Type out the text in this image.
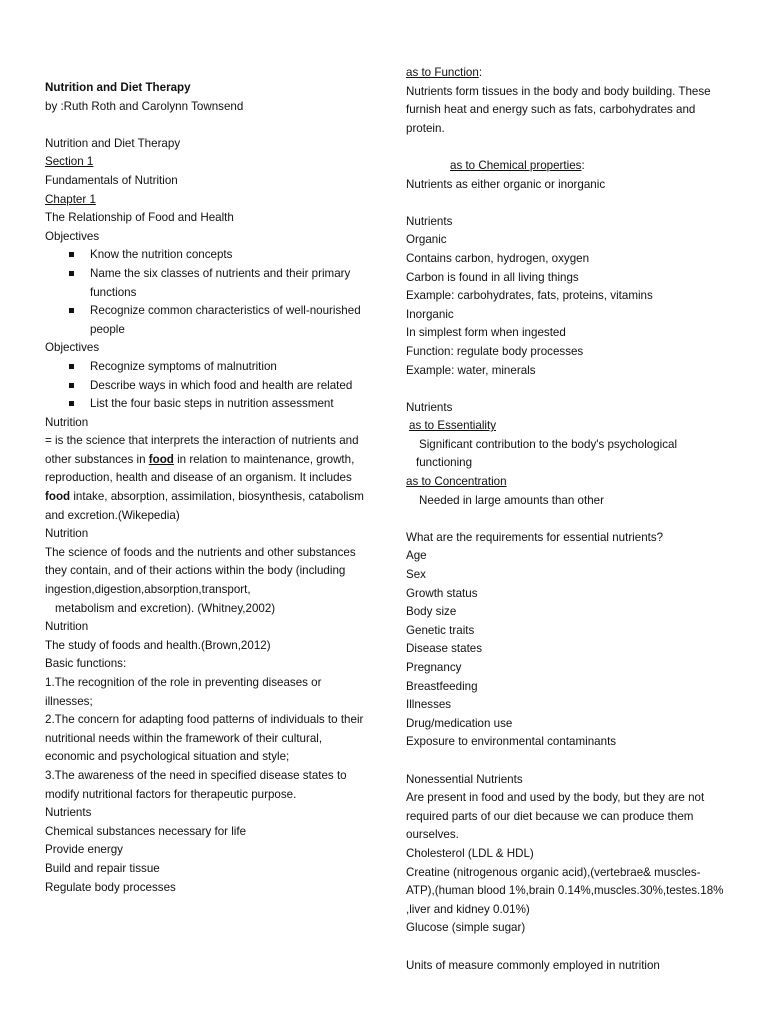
Nutrition and Diet Therapy
by :Ruth Roth and Carolynn Townsend
Nutrition and Diet Therapy
Section 1
Fundamentals of Nutrition
Chapter 1
The Relationship of Food and Health
Objectives
Know the nutrition concepts
Name the six classes of nutrients and their primary functions
Recognize common characteristics of well-nourished people
Objectives
Recognize symptoms of malnutrition
Describe ways in which food and health are related
List the four basic steps in nutrition assessment
Nutrition
= is the science that interprets the interaction of nutrients and other substances in food in relation to maintenance, growth, reproduction, health and disease of an organism. It includes food intake, absorption, assimilation, biosynthesis, catabolism and excretion.(Wikepedia)
Nutrition
The science of foods and the nutrients and other substances
they contain, and of their actions within the body (including
ingestion,digestion,absorption,transport,
metabolism and excretion). (Whitney,2002)
Nutrition
The study of foods and health.(Brown,2012)
Basic functions:
1.The recognition of the role in preventing diseases or
illnesses;
2.The concern for adapting food patterns of individuals to their
nutritional needs within the framework of their cultural,
economic and psychological situation and style;
3.The awareness of the need in specified disease states to
modify nutritional factors for therapeutic purpose.
Nutrients
Chemical substances necessary for life
Provide energy
Build and repair tissue
Regulate body processes
as to Function:
Nutrients form tissues in the body and body building. These
furnish heat and energy such as fats, carbohydrates and
protein.
as to Chemical properties:
Nutrients as either organic or inorganic
Nutrients
Organic
Contains carbon, hydrogen, oxygen
Carbon is found in all living things
Example: carbohydrates, fats, proteins, vitamins
Inorganic
In simplest form when ingested
Function: regulate body processes
Example: water, minerals
Nutrients
as to Essentiality
Significant contribution to the body's psychological
functioning
as to Concentration
Needed in large amounts than other
What are the requirements for essential nutrients?
Age
Sex
Growth status
Body size
Genetic traits
Disease states
Pregnancy
Breastfeeding
Illnesses
Drug/medication use
Exposure to environmental contaminants
Nonessential Nutrients
Are present in food and used by the body, but they are not
required parts of our diet because we can produce them
ourselves.
Cholesterol (LDL & HDL)
Creatine (nitrogenous organic acid),(vertebrae& muscles-
ATP),(human blood 1%,brain 0.14%,muscles.30%,testes.18%
,liver and kidney 0.01%)
Glucose (simple sugar)
Units of measure commonly employed in nutrition
